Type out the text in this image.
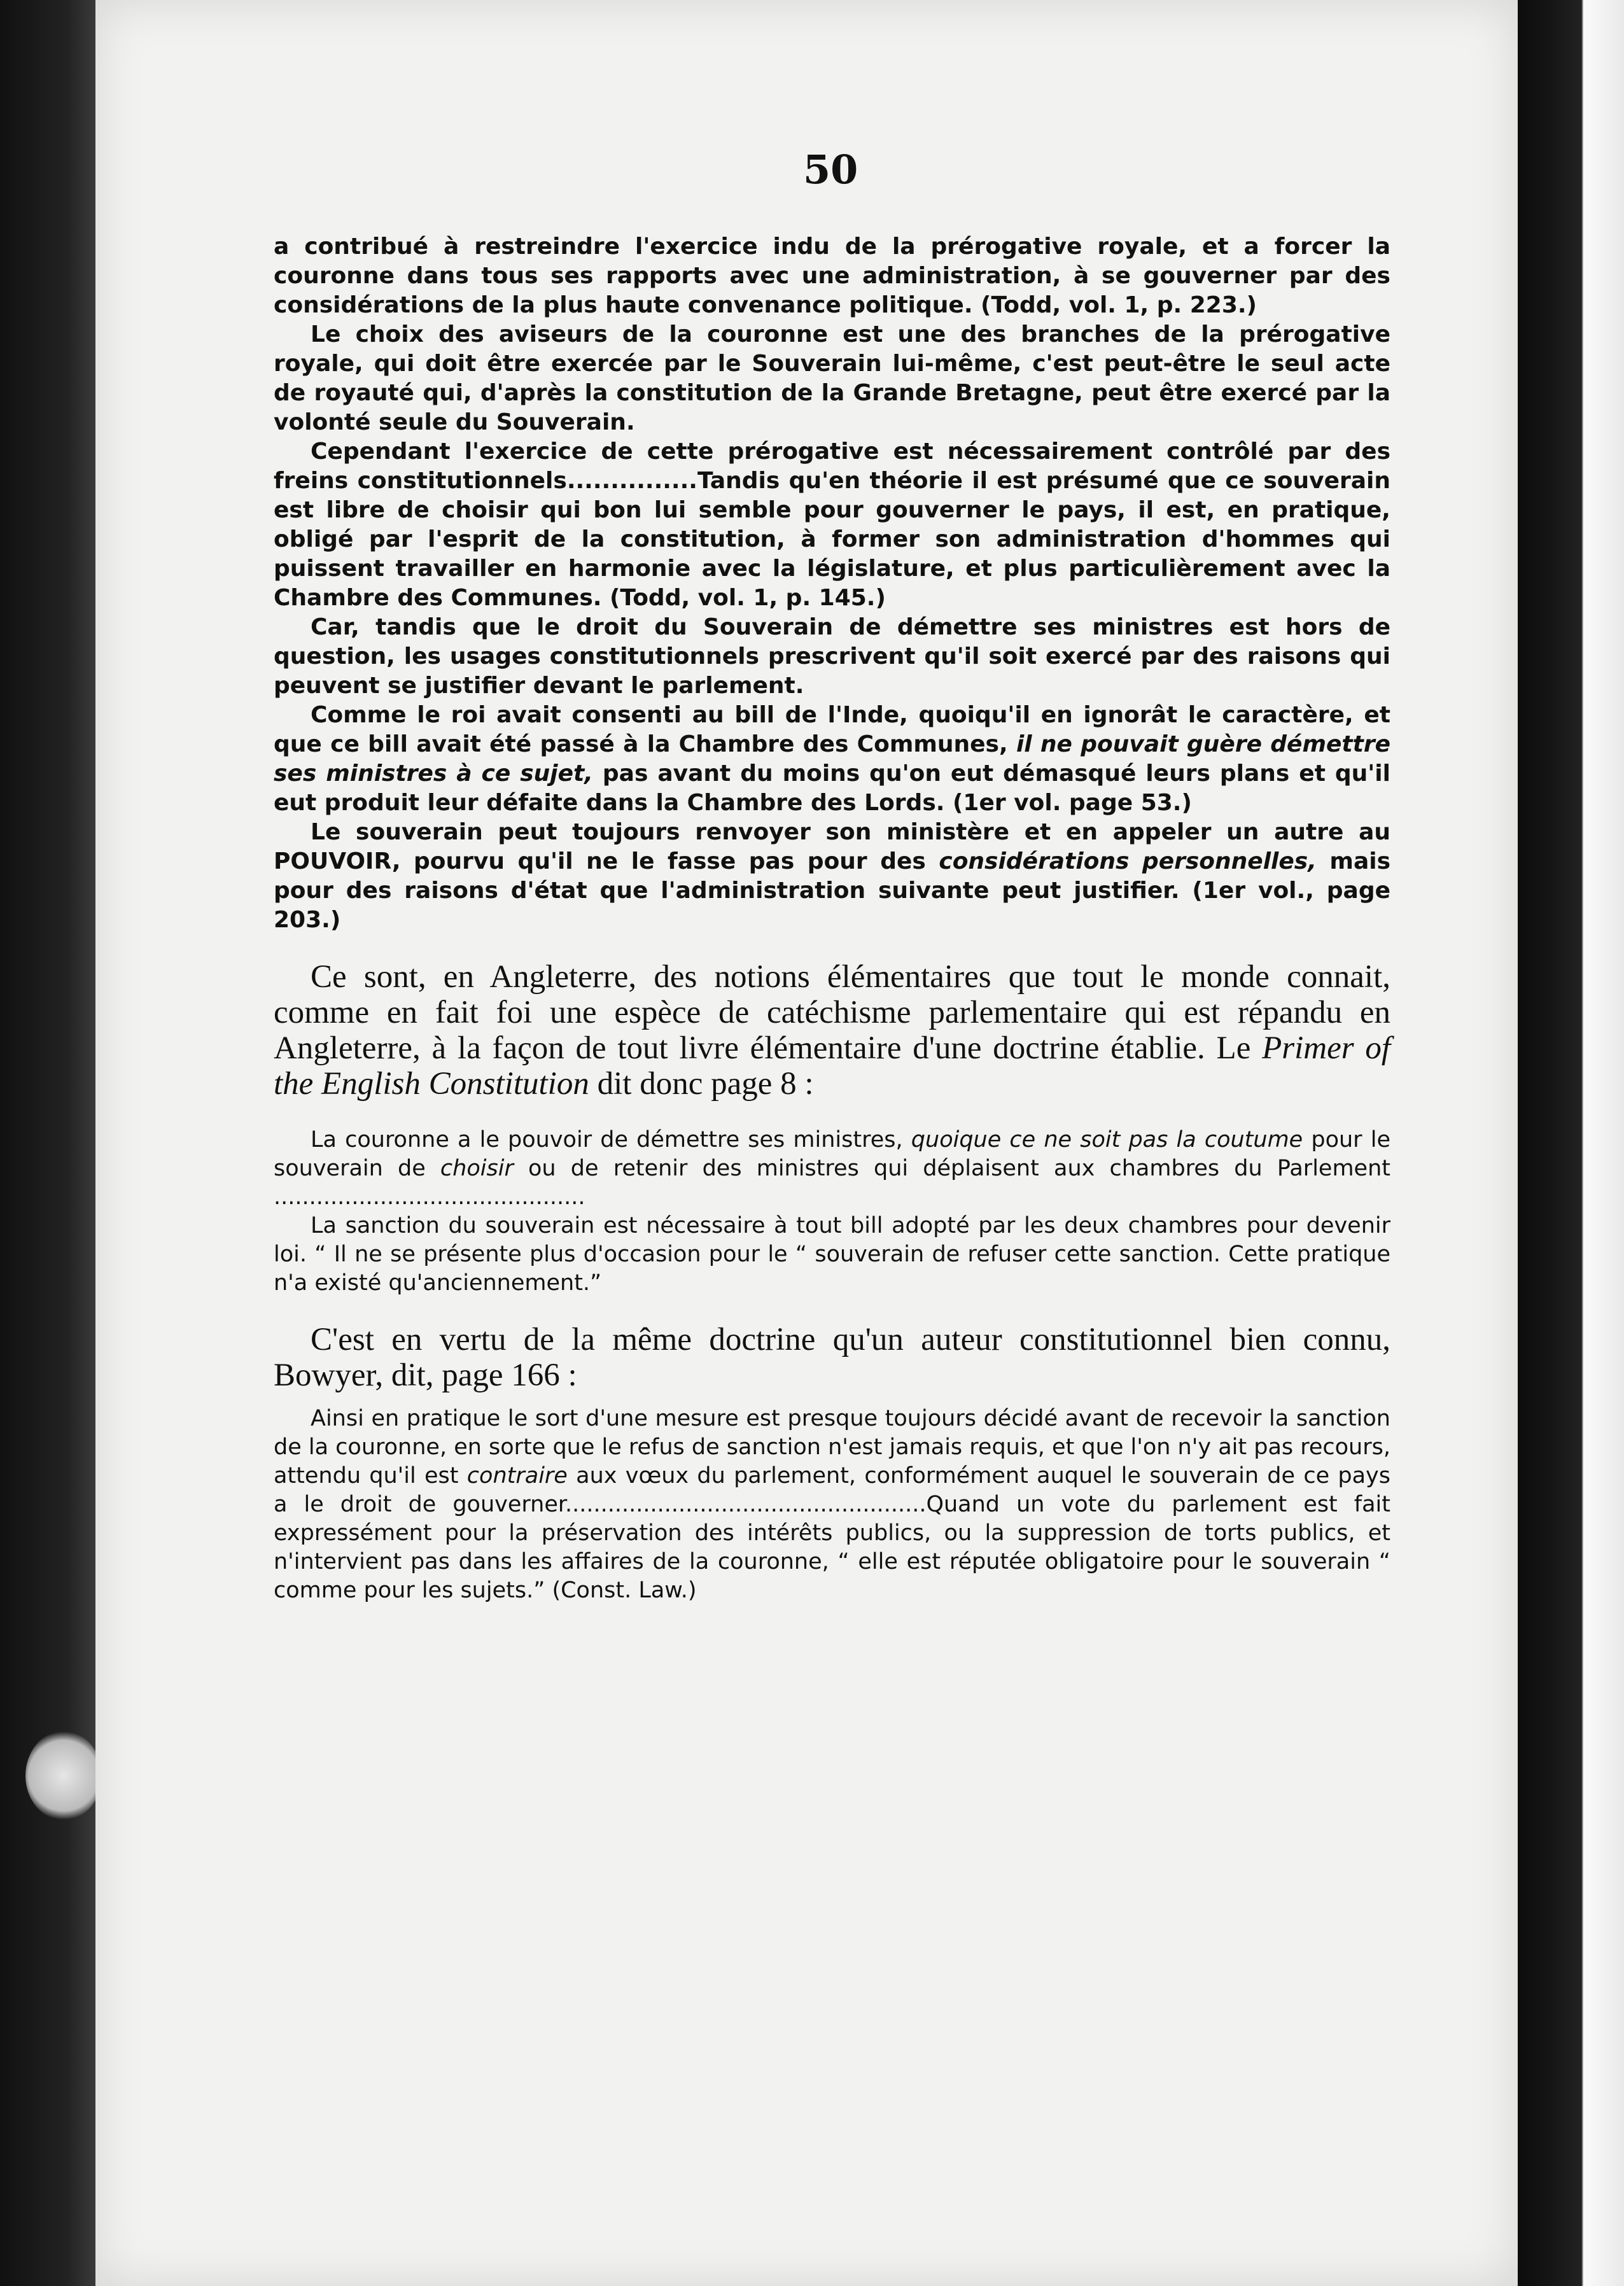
50

a contribué à restreindre l'exercice indu de la prérogative royale, et a forcer la couronne dans tous ses rapports avec une administration, à se gouverner par des considérations de la plus haute convenance politique. (Todd, vol. 1, p. 223.)

Le choix des aviseurs de la couronne est une des branches de la prérogative royale, qui doit être exercée par le Souverain lui-même, c'est peut-être le seul acte de royauté qui, d'après la constitution de la Grande Bretagne, peut être exercé par la volonté seule du Souverain.

Cependant l'exercice de cette prérogative est nécessairement contrôlé par des freins constitutionnels...............Tandis qu'en théorie il est présumé que ce souverain est libre de choisir qui bon lui semble pour gouverner le pays, il est, en pratique, obligé par l'esprit de la constitution, à former son administration d'hommes qui puissent travailler en harmonie avec la législature, et plus particulièrement avec la Chambre des Communes. (Todd, vol. 1, p. 145.)

Car, tandis que le droit du Souverain de démettre ses ministres est hors de question, les usages constitutionnels prescrivent qu'il soit exercé par des raisons qui peuvent se justifier devant le parlement.

Comme le roi avait consenti au bill de l'Inde, quoiqu'il en ignorât le caractère, et que ce bill avait été passé à la Chambre des Communes, il ne pouvait guère démettre ses ministres à ce sujet, pas avant du moins qu'on eut démasqué leurs plans et qu'il eut produit leur défaite dans la Chambre des Lords. (1er vol. page 53.)

Le souverain peut toujours renvoyer son ministère et en appeler un autre au POUVOIR, pourvu qu'il ne le fasse pas pour des considérations personnelles, mais pour des raisons d'état que l'administration suivante peut justifier. (1er vol., page 203.)

Ce sont, en Angleterre, des notions élémentaires que tout le monde connait, comme en fait foi une espèce de catéchisme parlementaire qui est répandu en Angleterre, à la façon de tout livre élémentaire d'une doctrine établie. Le Primer of the English Constitution dit donc page 8 :

La couronne a le pouvoir de démettre ses ministres, quoique ce ne soit pas la coutume pour le souverain de choisir ou de retenir des ministres qui déplaisent aux chambres du Parlement ............................................

La sanction du souverain est nécessaire à tout bill adopté par les deux chambres pour devenir loi. “ Il ne se présente plus d'occasion pour le “ souverain de refuser cette sanction. Cette pratique n'a existé qu'anciennement.”

C'est en vertu de la même doctrine qu'un auteur constitutionnel bien connu, Bowyer, dit, page 166 :

Ainsi en pratique le sort d'une mesure est presque toujours décidé avant de recevoir la sanction de la couronne, en sorte que le refus de sanction n'est jamais requis, et que l'on n'y ait pas recours, attendu qu'il est contraire aux vœux du parlement, conformément auquel le souverain de ce pays a le droit de gouverner...................................................Quand un vote du parlement est fait expressément pour la préservation des intérêts publics, ou la suppression de torts publics, et n'intervient pas dans les affaires de la couronne, “ elle est réputée obligatoire pour le souverain “ comme pour les sujets.” (Const. Law.)
